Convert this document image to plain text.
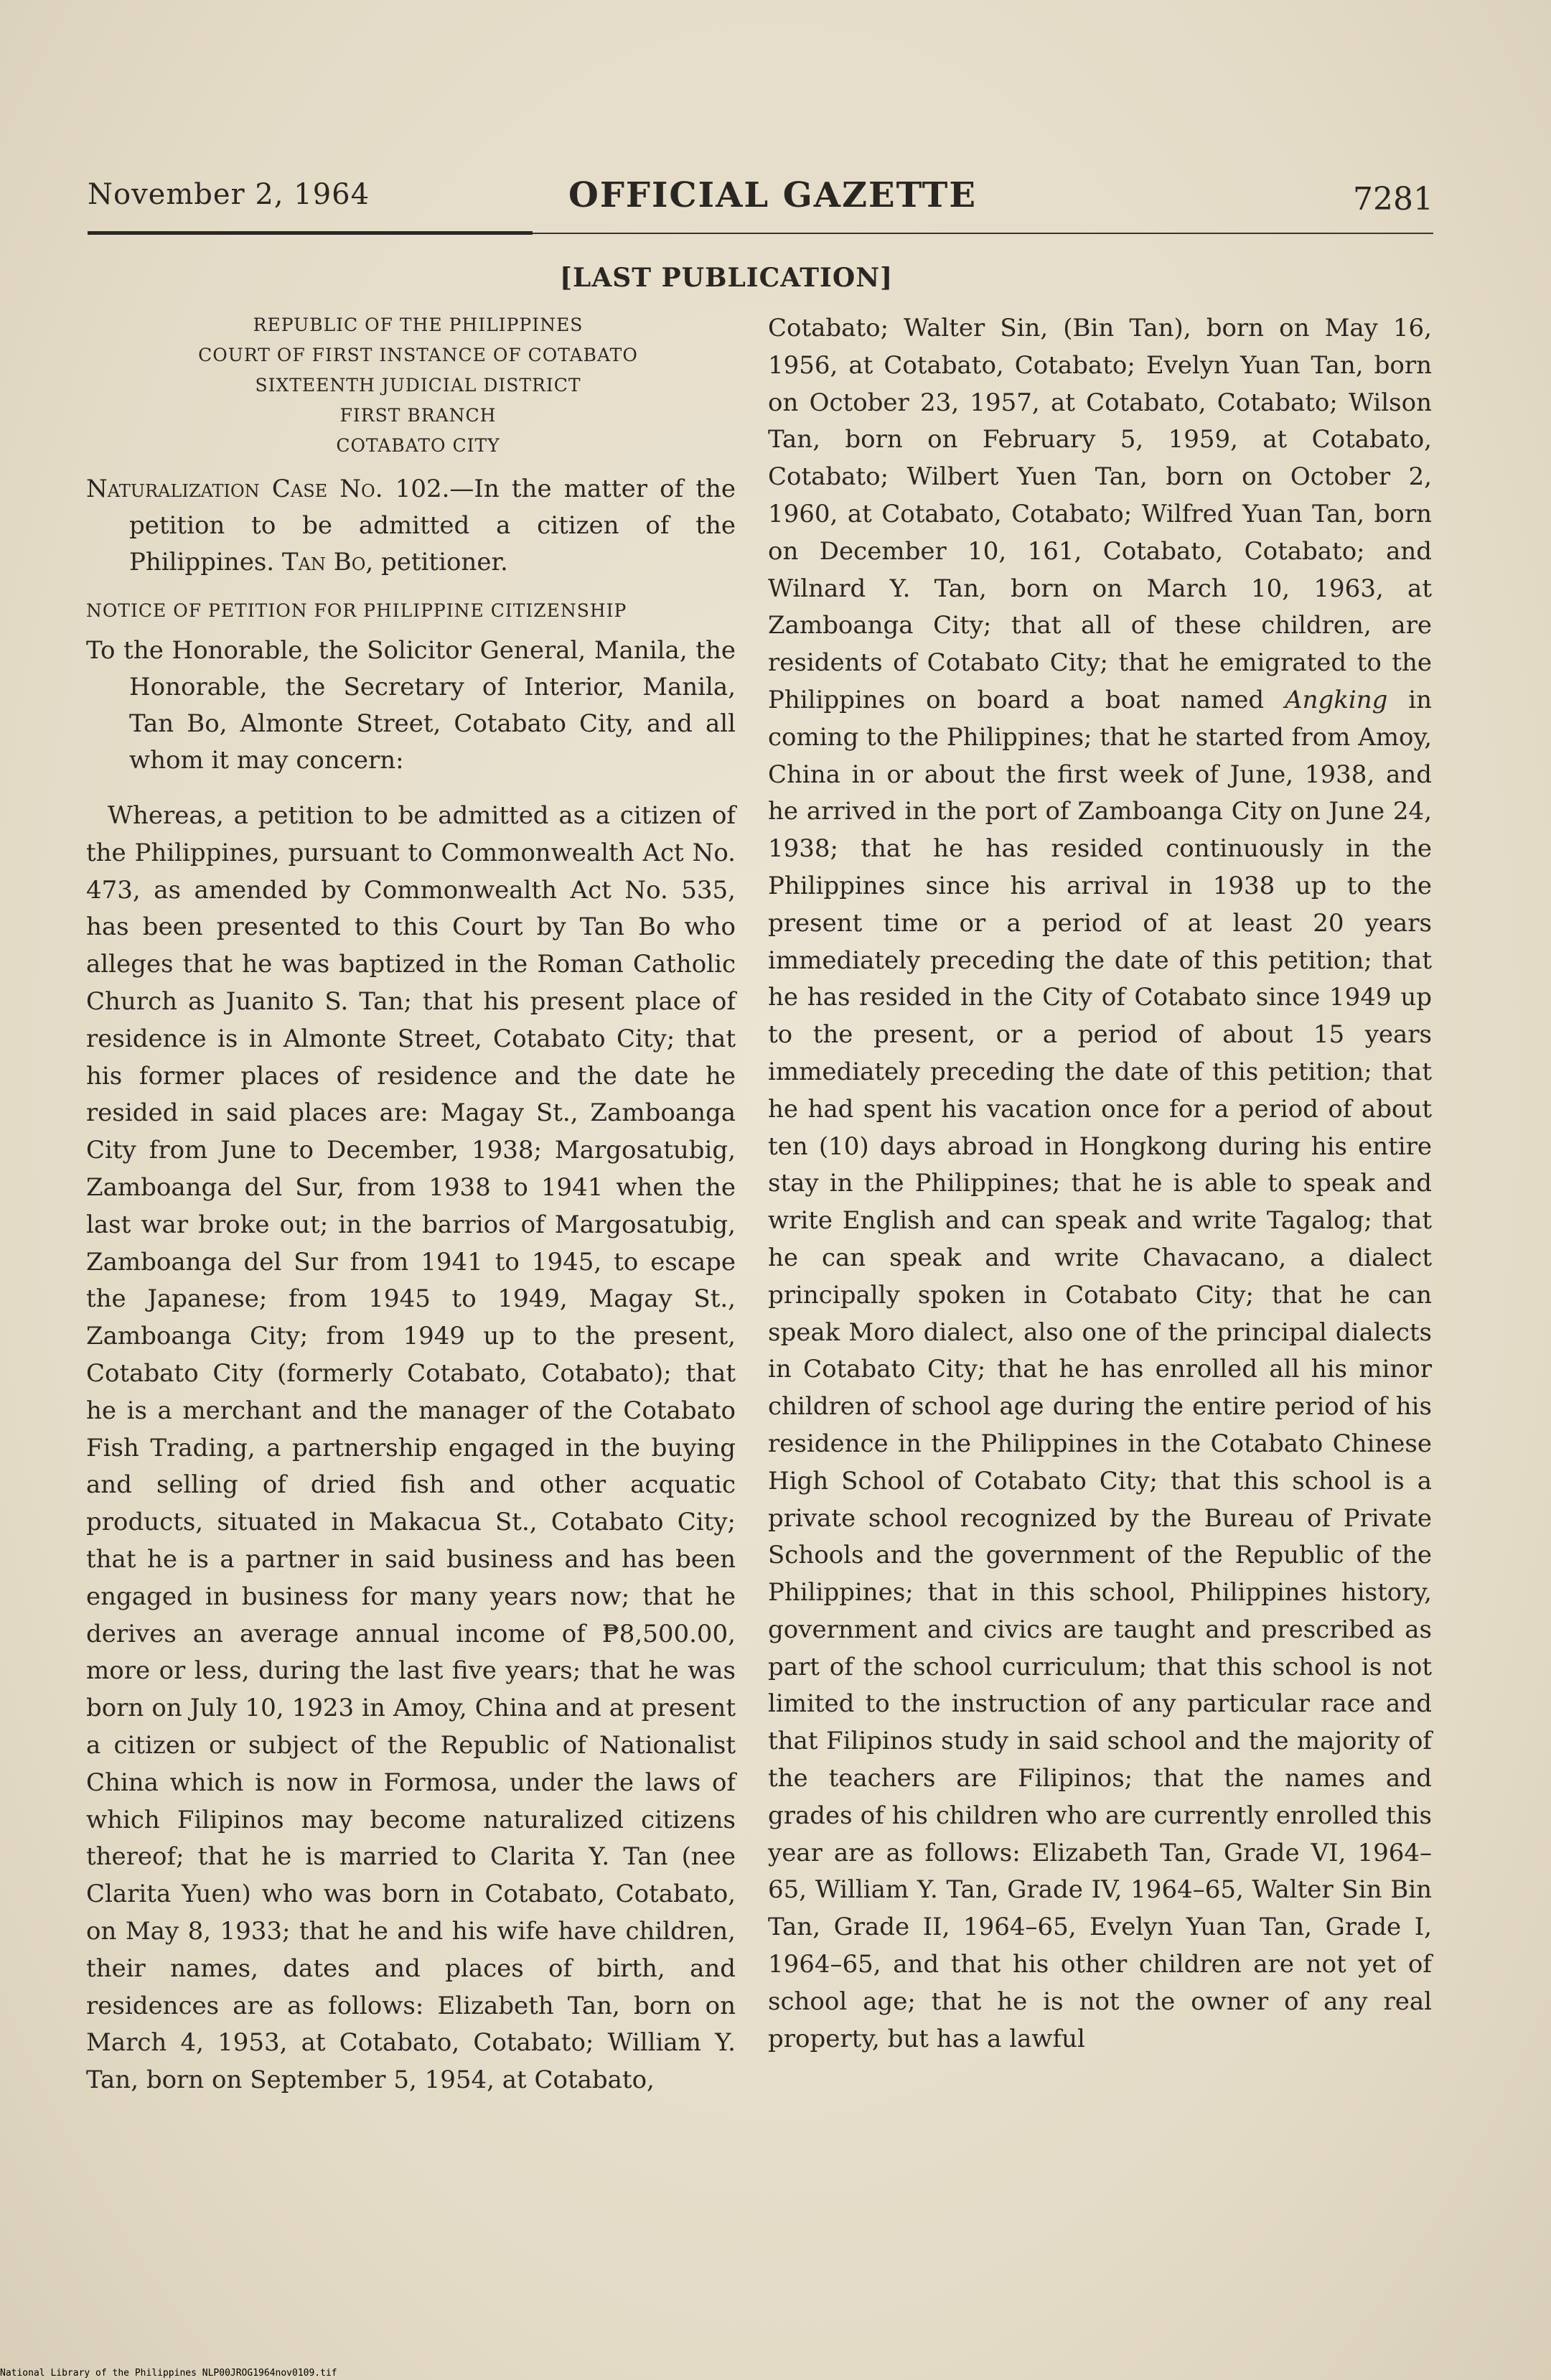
November 2, 1964	OFFICIAL GAZETTE	7281
[LAST PUBLICATION]
REPUBLIC OF THE PHILIPPINES
COURT OF FIRST INSTANCE OF COTABATO
SIXTEENTH JUDICIAL DISTRICT
FIRST BRANCH
COTABATO CITY

Naturalization Case No. 102.—In the matter of the petition to be admitted a citizen of the Philippines. Tan Bo, petitioner.

NOTICE OF PETITION FOR PHILIPPINE CITIZENSHIP

To the Honorable, the Solicitor General, Manila, the Honorable, the Secretary of Interior, Manila, Tan Bo, Almonte Street, Cotabato City, and all whom it may concern:

Whereas, a petition to be admitted as a citizen of the Philippines, pursuant to Commonwealth Act No. 473, as amended by Commonwealth Act No. 535, has been presented to this Court by Tan Bo who alleges that he was baptized in the Roman Catholic Church as Juanito S. Tan; that his present place of residence is in Almonte Street, Cotabato City; that his former places of residence and the date he resided in said places are: Magay St., Zamboanga City from June to December, 1938; Margosatubig, Zamboanga del Sur, from 1938 to 1941 when the last war broke out; in the barrios of Margosatubig, Zamboanga del Sur from 1941 to 1945, to escape the Japanese; from 1945 to 1949, Magay St., Zamboanga City; from 1949 up to the present, Cotabato City (formerly Cotabato, Cotabato); that he is a merchant and the manager of the Cotabato Fish Trading, a partnership engaged in the buying and selling of dried fish and other acquatic products, situated in Makacua St., Cotabato City; that he is a partner in said business and has been engaged in business for many years now; that he derives an average annual income of ₱8,500.00, more or less, during the last five years; that he was born on July 10, 1923 in Amoy, China and at present a citizen or subject of the Republic of Nationalist China which is now in Formosa, under the laws of which Filipinos may become naturalized citizens thereof; that he is married to Clarita Y. Tan (nee Clarita Yuen) who was born in Cotabato, Cotabato, on May 8, 1933; that he and his wife have children, their names, dates and places of birth, and residences are as follows: Elizabeth Tan, born on March 4, 1953, at Cotabato, Cotabato; William Y. Tan, born on September 5, 1954, at Cotabato,

Cotabato; Walter Sin, (Bin Tan), born on May 16, 1956, at Cotabato, Cotabato; Evelyn Yuan Tan, born on October 23, 1957, at Cotabato, Cotabato; Wilson Tan, born on February 5, 1959, at Cotabato, Cotabato; Wilbert Yuen Tan, born on October 2, 1960, at Cotabato, Cotabato; Wilfred Yuan Tan, born on December 10, 161, Cotabato, Cotabato; and Wilnard Y. Tan, born on March 10, 1963, at Zamboanga City; that all of these children, are residents of Cotabato City; that he emigrated to the Philippines on board a boat named Angking in coming to the Philippines; that he started from Amoy, China in or about the first week of June, 1938, and he arrived in the port of Zamboanga City on June 24, 1938; that he has resided continuously in the Philippines since his arrival in 1938 up to the present time or a period of at least 20 years immediately preceding the date of this petition; that he has resided in the City of Cotabato since 1949 up to the present, or a period of about 15 years immediately preceding the date of this petition; that he had spent his vacation once for a period of about ten (10) days abroad in Hongkong during his entire stay in the Philippines; that he is able to speak and write English and can speak and write Tagalog; that he can speak and write Chavacano, a dialect principally spoken in Cotabato City; that he can speak Moro dialect, also one of the principal dialects in Cotabato City; that he has enrolled all his minor children of school age during the entire period of his residence in the Philippines in the Cotabato Chinese High School of Cotabato City; that this school is a private school recognized by the Bureau of Private Schools and the government of the Republic of the Philippines; that in this school, Philippines history, government and civics are taught and prescribed as part of the school curriculum; that this school is not limited to the instruction of any particular race and that Filipinos study in said school and the majority of the teachers are Filipinos; that the names and grades of his children who are currently enrolled this year are as follows: Elizabeth Tan, Grade VI, 1964–65, William Y. Tan, Grade IV, 1964–65, Walter Sin Bin Tan, Grade II, 1964–65, Evelyn Yuan Tan, Grade I, 1964–65, and that his other children are not yet of school age; that he is not the owner of any real property, but has a lawful

National Library of the Philippines NLP00JROG1964nov0109.tif
